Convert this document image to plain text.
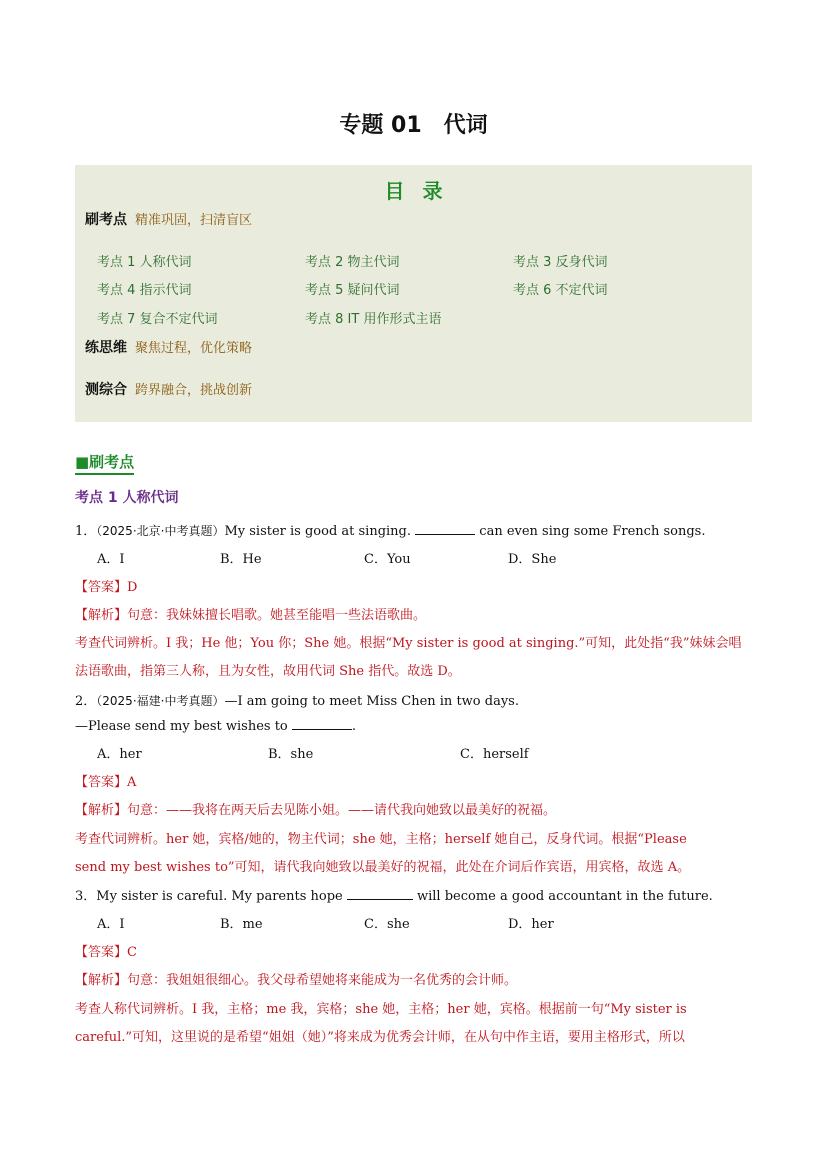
专题 01　代词
目录
刷考点 精准巩固，扫清盲区
考点 1 人称代词	考点 2 物主代词	考点 3 反身代词
考点 4 指示代词	考点 5 疑问代词	考点 6 不定代词
考点 7 复合不定代词	考点 8 IT 用作形式主语
练思维 聚焦过程，优化策略
测综合 跨界融合，挑战创新
■刷考点
考点 1 人称代词
1．（2025·北京·中考真题）My sister is good at singing.	can even sing some French songs.
A．I	B．He	C．You	D．She
【答案】D
【解析】句意：我妹妹擅长唱歌。她甚至能唱一些法语歌曲。
考查代词辨析。I 我；He 他；You 你；She 她。根据“My sister is good at singing.”可知，此处指“我”妹妹会唱
法语歌曲，指第三人称，且为女性，故用代词 She 指代。故选 D。
2．（2025·福建·中考真题）—I am going to meet Miss Chen in two days.
—Please send my best wishes to	.
A．her	B．she	C．herself
【答案】A
【解析】句意：——我将在两天后去见陈小姐。——请代我向她致以最美好的祝福。
考查代词辨析。her 她，宾格/她的，物主代词；she 她，主格；herself 她自己，反身代词。根据“Please
send my best wishes to”可知，请代我向她致以最美好的祝福，此处在介词后作宾语，用宾格，故选 A。
3．My sister is careful. My parents hope	will become a good accountant in the future.
A．I	B．me	C．she	D．her
【答案】C
【解析】句意：我姐姐很细心。我父母希望她将来能成为一名优秀的会计师。
考查人称代词辨析。I 我，主格；me 我，宾格；she 她，主格；her 她，宾格。根据前一句“My sister is
careful.”可知，这里说的是希望“姐姐（她）”将来成为优秀会计师，在从句中作主语，要用主格形式，所以
